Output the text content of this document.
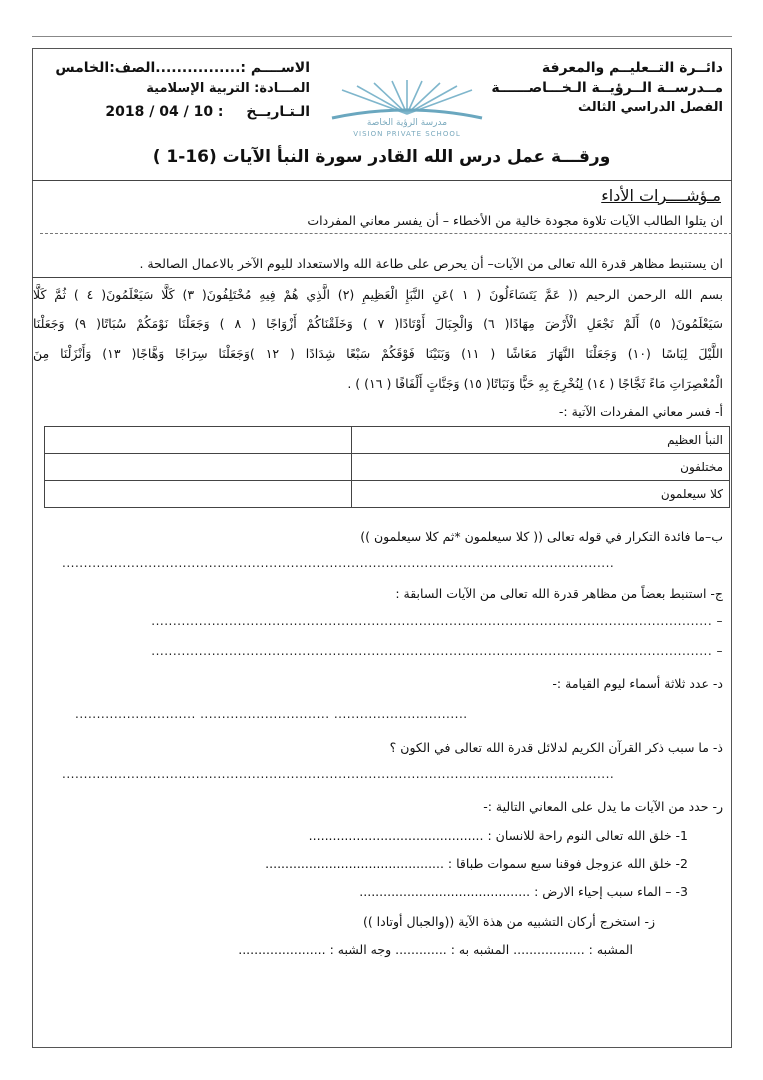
دائــرة التــعليــم والمعرفة
مــدرســة الــرؤيــة الـخـــاصــــــة
الفصل الدراسي الثالث
الاســــم :................الصف:الخامس
المـــادة: التربية الإسلامية
الـتـاريــخ : 10 / 04 / 2018
مدرسة الرؤية الخاصة
VISION PRIVATE SCHOOL
ورقـــة عمل درس الله القادر سورة النبأ الآيات (16-1 )
مـؤشــــرات الأداء
ان يتلوا الطالب الآيات تلاوة مجودة خالية من الأخطاء – أن يفسر معاني المفردات
ان يستنبط مظاهر قدرة الله تعالى من الآيات– أن يحرص على طاعة الله والاستعداد لليوم الآخر بالاعمال الصالحة .
بسم الله الرحمن الرحيم (( عَمَّ يَتَسَاءَلُونَ ( ١ )عَنِ النَّبَإِ الْعَظِيمِ (٢) الَّذِي هُمْ فِيهِ مُخْتَلِفُونَ( ٣) كَلَّا سَيَعْلَمُونَ( ٤ ) ثُمَّ كَلَّا
سَيَعْلَمُونَ( ٥) أَلَمْ نَجْعَلِ الْأَرْضَ مِهَادًا( ٦) وَالْجِبَالَ أَوْتَادًا( ٧ ) وَخَلَقْنَاكُمْ أَزْوَاجًا ( ٨ ) وَجَعَلْنَا نَوْمَكُمْ سُبَاتًا( ٩) وَجَعَلْنَا
اللَّيْلَ لِبَاسًا (١٠) وَجَعَلْنَا النَّهَارَ مَعَاشًا ( ١١) وَبَنَيْنَا فَوْقَكُمْ سَبْعًا شِدَادًا ( ١٢ )وَجَعَلْنَا سِرَاجًا وَهَّاجًا( ١٣) وَأَنْزَلْنَا مِنَ
الْمُعْصِرَاتِ مَاءً ثَجَّاجًا ( ١٤) لِنُخْرِجَ بِهِ حَبًّا وَنَبَاتًا( ١٥) وَجَنَّاتٍ أَلْفَافًا ( ١٦) ) .
أ- فسر معاني المفردات الآتية :-
النبأ العظيم	
مختلفون	
كلا سيعلمون	
ب–ما فائدة التكرار في قوله تعالى (( كلا سيعلمون *ثم كلا سيعلمون ))
................................................................................................................................
ج- استنبط بعضاً من مظاهر قدرة الله تعالى من الآيات السابقة :
– ..................................................................................................................................
– ..................................................................................................................................
د- عدد ثلاثة أسماء ليوم القيامة :-
............................ .............................. ...............................
ذ- ما سبب ذكر القرآن الكريم لدلائل قدرة الله تعالى في الكون ؟
................................................................................................................................
ر- حدد من الآيات ما يدل على المعاني التالية :-
1- خلق الله تعالى النوم راحة للانسان : ............................................
2- خلق الله عزوجل فوقنا سبع سموات طباقا : .............................................
3- – الماء سبب إحياء الارض : ...........................................
ز- استخرج أركان التشبيه من هذة الآية ((والجبال أوتادا ))
المشبه : .................. المشبه به : ............. وجه الشبه : ......................
